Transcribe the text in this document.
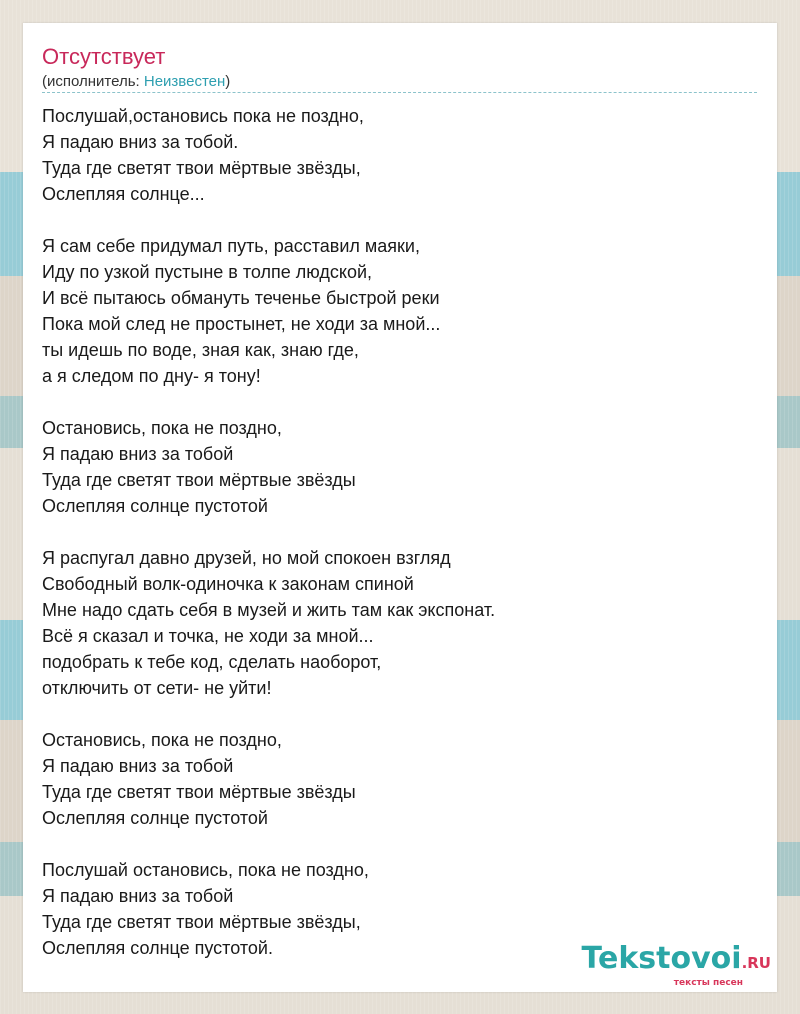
Отсутствует
(исполнитель: Неизвестен)
Послушай,остановись пока не поздно,
Я падаю вниз за тобой.
Туда где светят твои мёртвые звёзды,
Ослепляя солнце...
Я сам себе придумал путь, расставил маяки,
Иду по узкой пустыне в толпе людской,
И всё пытаюсь обмануть теченье быстрой реки
Пока мой след не простынет, не ходи за мной...
ты идешь по воде, зная как, знаю где,
а я следом по дну- я тону!
Остановись, пока не поздно,
Я падаю вниз за тобой
Туда где светят твои мёртвые звёзды
Ослепляя солнце пустотой
Я распугал давно друзей, но мой спокоен взгляд
Свободный волк-одиночка к законам спиной
Мне надо сдать себя в музей и жить там как экспонат.
Всё я сказал и точка, не ходи за мной...
подобрать к тебе код, сделать наоборот,
отключить от сети- не уйти!
Остановись, пока не поздно,
Я падаю вниз за тобой
Туда где светят твои мёртвые звёзды
Ослепляя солнце пустотой
Послушай остановись, пока не поздно,
Я падаю вниз за тобой
Туда где светят твои мёртвые звёзды,
Ослепляя солнце пустотой.	Tekstovoi.RU
тексты песен
